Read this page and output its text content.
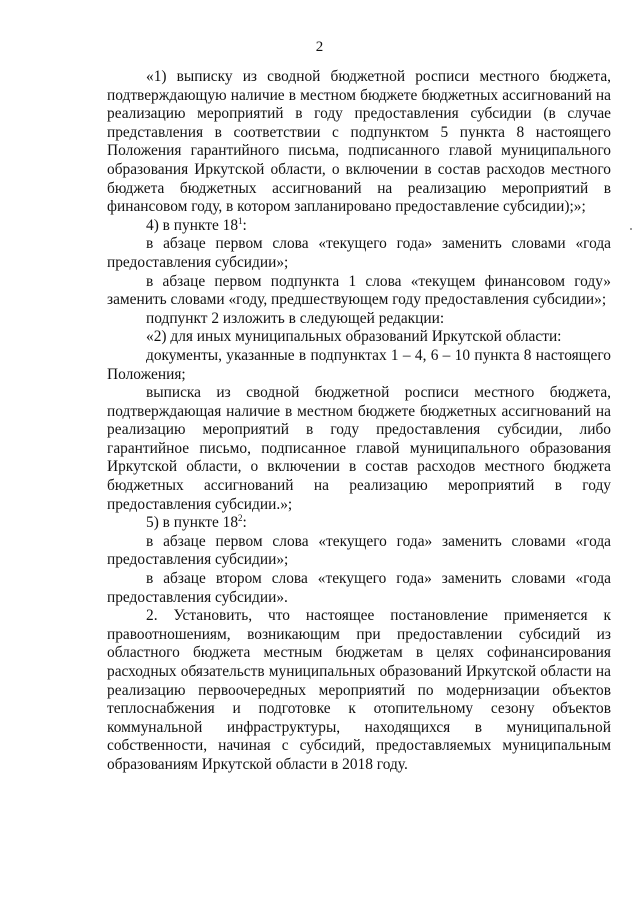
2

«1) выписку из сводной бюджетной росписи местного бюджета, подтверждающую наличие в местном бюджете бюджетных ассигнований на реализацию мероприятий в году предоставления субсидии (в случае представления в соответствии с подпунктом 5 пункта 8 настоящего Положения гарантийного письма, подписанного главой муниципального образования Иркутской области, о включении в состав расходов местного бюджета бюджетных ассигнований на реализацию мероприятий в финансовом году, в котором запланировано предоставление субсидии);»;

4) в пункте $18^1$:

в абзаце первом слова «текущего года» заменить словами «года предоставления субсидии»;

в абзаце первом подпункта 1 слова «текущем финансовом году» заменить словами «году, предшествующем году предоставления субсидии»;

подпункт 2 изложить в следующей редакции:

«2) для иных муниципальных образований Иркутской области:

документы, указанные в подпунктах 1 – 4, 6 – 10 пункта 8 настоящего Положения;

выписка из сводной бюджетной росписи местного бюджета, подтверждающая наличие в местном бюджете бюджетных ассигнований на реализацию мероприятий в году предоставления субсидии, либо гарантийное письмо, подписанное главой муниципального образования Иркутской области, о включении в состав расходов местного бюджета бюджетных ассигнований на реализацию мероприятий в году предоставления субсидии.»;

5) в пункте $18^2$:

в абзаце первом слова «текущего года» заменить словами «года предоставления субсидии»;

в абзаце втором слова «текущего года» заменить словами «года предоставления субсидии».

2. Установить, что настоящее постановление применяется к правоотношениям, возникающим при предоставлении субсидий из областного бюджета местным бюджетам в целях софинансирования расходных обязательств муниципальных образований Иркутской области на реализацию первоочередных мероприятий по модернизации объектов теплоснабжения и подготовке к отопительному сезону объектов коммунальной инфраструктуры, находящихся в муниципальной собственности, начиная с субсидий, предоставляемых муниципальным образованиям Иркутской области в 2018 году.
